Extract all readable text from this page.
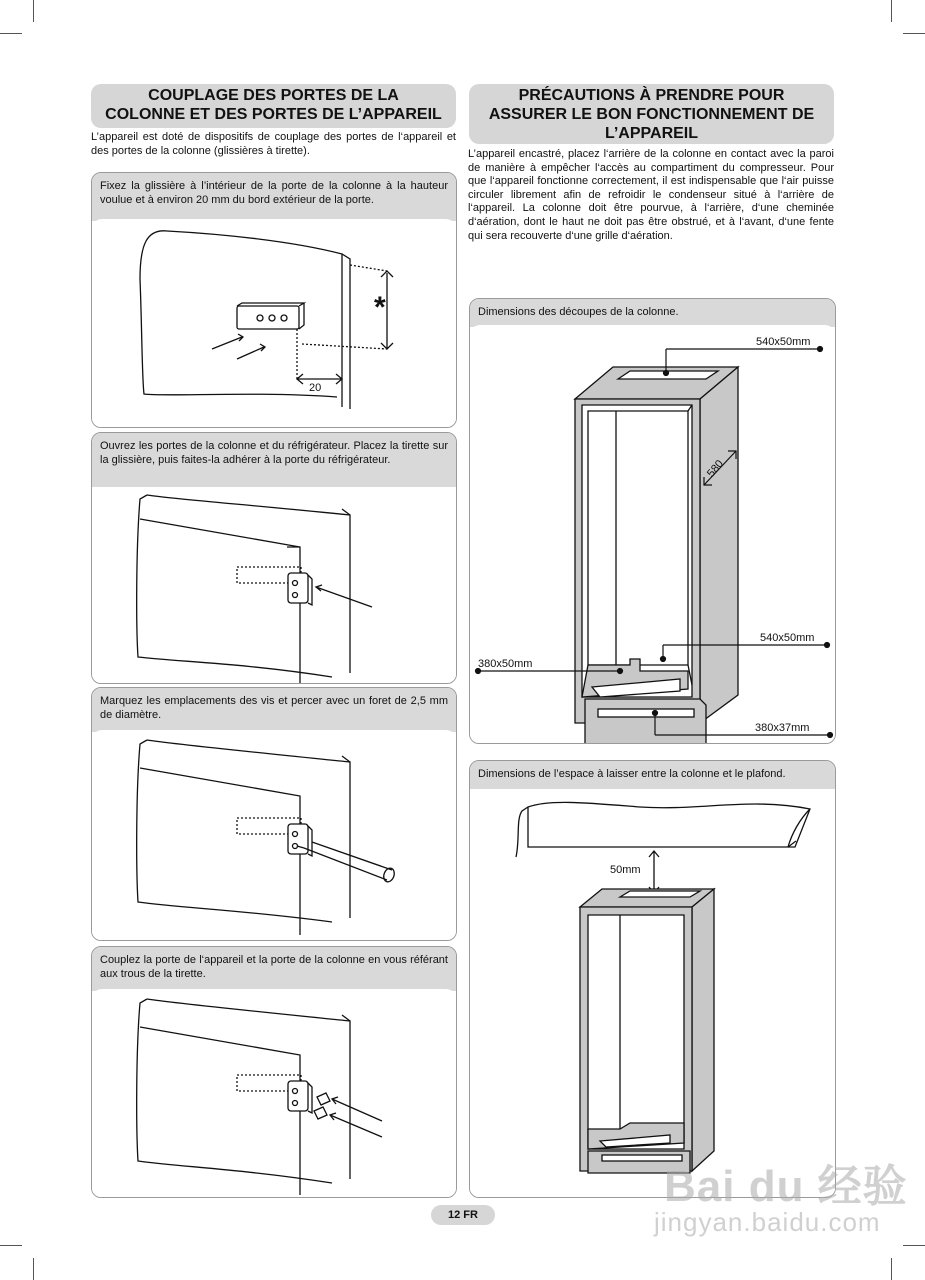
COUPLAGE DES PORTES DE LA
COLONNE ET DES PORTES DE L’APPAREIL
L’appareil est doté de dispositifs de couplage des portes de l‘appareil et des portes de la colonne (glissières à tirette).
Fixez la glissière à l’intérieur de la porte de la colonne à la hauteur voulue et à environ 20 mm du bord extérieur de la porte.
*
20
Ouvrez les portes de la colonne et du réfrigérateur. Placez la tirette sur la glissière, puis faites-la adhérer à la porte du réfrigérateur.
Marquez les emplacements des vis et percer avec un foret de 2,5 mm de diamètre.
Couplez la porte de l‘appareil et la porte de la colonne en vous référant aux trous de la tirette.
PRÉCAUTIONS À PRENDRE POUR
ASSURER LE BON FONCTIONNEMENT DE
L’APPAREIL
L’appareil encastré, placez l‘arrière de la colonne en contact avec la paroi de manière à empêcher l‘accès au compartiment du compresseur. Pour que l‘appareil fonctionne correctement, il est indispensable que l‘air puisse circuler librement afin de refroidir le condenseur situé à l‘arrière de l‘appareil. La colonne doit être pourvue, à l‘arrière, d‘une cheminée d‘aération, dont le haut ne doit pas être obstrué, et à l‘avant, d‘une fente qui sera recouverte d‘une grille d‘aération.
Dimensions des découpes de la colonne.
540x50mm
580
540x50mm
380x50mm
380x37mm
Dimensions de l’espace à laisser entre la colonne et le plafond.
50mm
12 FR
Bai du 经验
jingyan.baidu.com
